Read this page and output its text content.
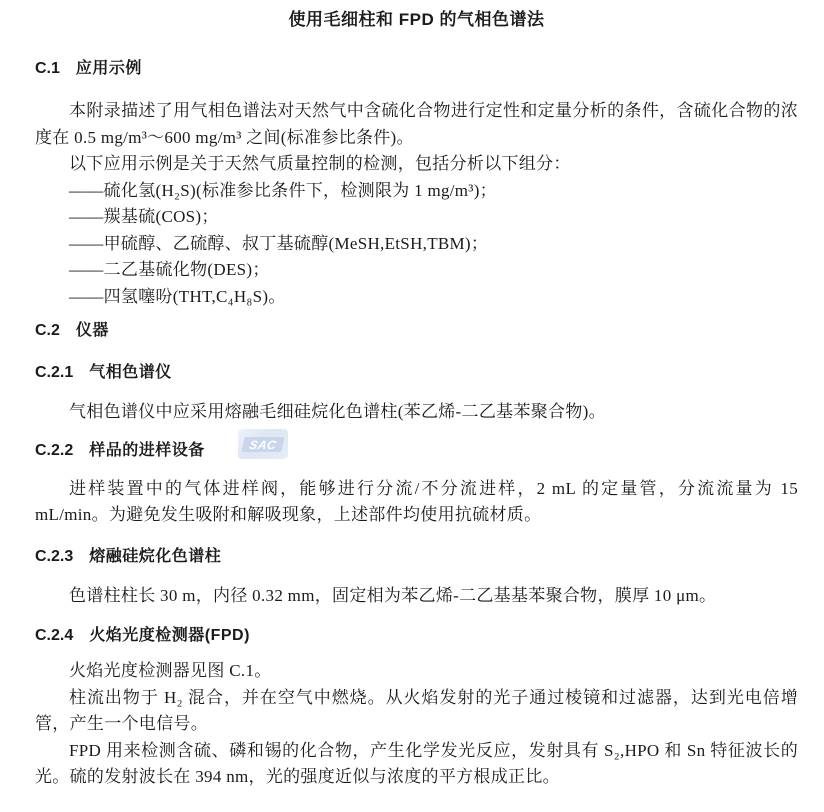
使用毛细柱和 FPD 的气相色谱法
C.1 应用示例

本附录描述了用气相色谱法对天然气中含硫化合物进行定性和定量分析的条件，含硫化合物的浓度在 0.5 mg/m³～600 mg/m³ 之间(标准参比条件)。

以下应用示例是关于天然气质量控制的检测，包括分析以下组分：

——硫化氢(H₂S)(标准参比条件下，检测限为 1 mg/m³)；
——羰基硫(COS)；
——甲硫醇、乙硫醇、叔丁基硫醇(MeSH,EtSH,TBM)；
——二乙基硫化物(DES)；
——四氢噻吩(THT,C₄H₈S)。
C.2 仪器
C.2.1 气相色谱仪

气相色谱仪中应采用熔融毛细硅烷化色谱柱(苯乙烯-二乙基苯聚合物)。

C.2.2 样品的进样设备

进样装置中的气体进样阀，能够进行分流/不分流进样，2 mL 的定量管，分流流量为 15 mL/min。为避免发生吸附和解吸现象，上述部件均使用抗硫材质。

C.2.3 熔融硅烷化色谱柱

色谱柱柱长 30 m，内径 0.32 mm，固定相为苯乙烯-二乙基基苯聚合物，膜厚 10 μm。

C.2.4 火焰光度检测器(FPD)

火焰光度检测器见图 C.1。

柱流出物于 H₂ 混合，并在空气中燃烧。从火焰发射的光子通过棱镜和过滤器，达到光电倍增管，产生一个电信号。

FPD 用来检测含硫、磷和锡的化合物，产生化学发光反应，发射具有 S₂,HPO 和 Sn 特征波长的光。硫的发射波长在 394 nm，光的强度近似与浓度的平方根成正比。

SAC
